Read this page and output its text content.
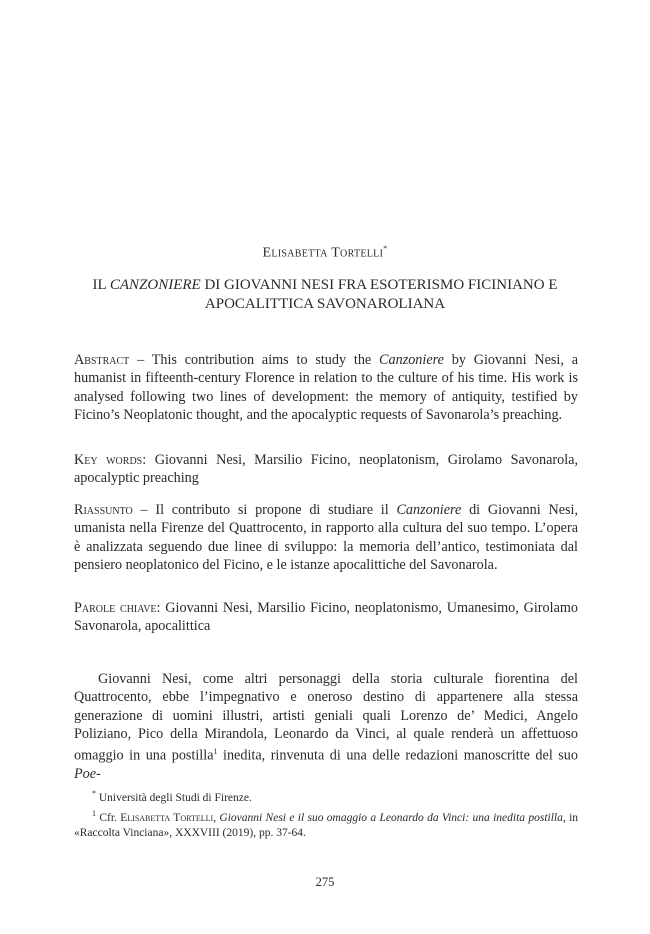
Elisabetta Tortelli*
IL CANZONIERE DI GIOVANNI NESI FRA ESOTERISMO FICINIANO E APOCALITTICA SAVONAROLIANA
Abstract – This contribution aims to study the Canzoniere by Giovanni Nesi, a humanist in fifteenth-century Florence in relation to the culture of his time. His work is analysed following two lines of development: the memory of antiquity, testified by Ficino’s Neoplatonic thought, and the apocalyptic requests of Savonarola’s preaching.
Key words: Giovanni Nesi, Marsilio Ficino, neoplatonism, Girolamo Savonarola, apocalyptic preaching
Riassunto – Il contributo si propone di studiare il Canzoniere di Giovanni Nesi, umanista nella Firenze del Quattrocento, in rapporto alla cultura del suo tempo. L’opera è analizzata seguendo due linee di sviluppo: la memoria dell’antico, testimoniata dal pensiero neoplatonico del Ficino, e le istanze apocalittiche del Savonarola.
Parole chiave: Giovanni Nesi, Marsilio Ficino, neoplatonismo, Umanesimo, Girolamo Savonarola, apocalittica
Giovanni Nesi, come altri personaggi della storia culturale fiorentina del Quattrocento, ebbe l’impegnativo e oneroso destino di appartenere alla stessa generazione di uomini illustri, artisti geniali quali Lorenzo de’ Medici, Angelo Poliziano, Pico della Mirandola, Leonardo da Vinci, al quale renderà un affettuoso omaggio in una postilla$^1$ inedita, rinvenuta di una delle redazioni manoscritte del suo Poe-

* Università degli Studi di Firenze.

$^1$ Cfr. Elisabetta Tortelli, Giovanni Nesi e il suo omaggio a Leonardo da Vinci: una inedita postilla, in «Raccolta Vinciana», XXXVIII (2019), pp. 37-64.

275
